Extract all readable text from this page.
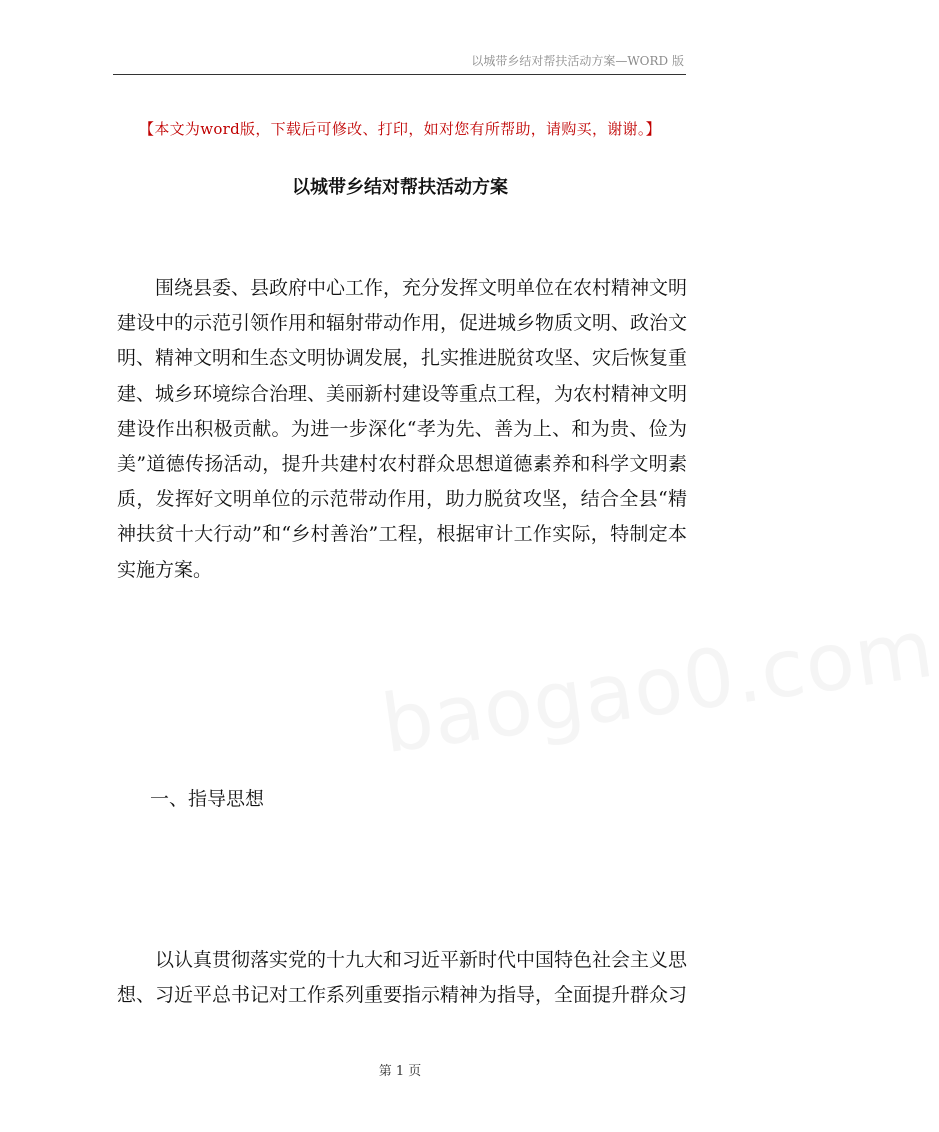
以城带乡结对帮扶活动方案—WORD 版
【本文为word版，下载后可修改、打印，如对您有所帮助，请购买，谢谢。】
以城带乡结对帮扶活动方案

围绕县委、县政府中心工作，充分发挥文明单位在农村精神文明建设中的示范引领作用和辐射带动作用，促进城乡物质文明、政治文明、精神文明和生态文明协调发展，扎实推进脱贫攻坚、灾后恢复重建、城乡环境综合治理、美丽新村建设等重点工程，为农村精神文明建设作出积极贡献。为进一步深化“孝为先、善为上、和为贵、俭为美”道德传扬活动，提升共建村农村群众思想道德素养和科学文明素质，发挥好文明单位的示范带动作用，助力脱贫攻坚，结合全县“精神扶贫十大行动”和“乡村善治”工程，根据审计工作实际，特制定本实施方案。

一、指导思想

以认真贯彻落实党的十九大和习近平新时代中国特色社会主义思想、习近平总书记对工作系列重要指示精神为指导，全面提升群众习

baogao0.com
第 1 页
